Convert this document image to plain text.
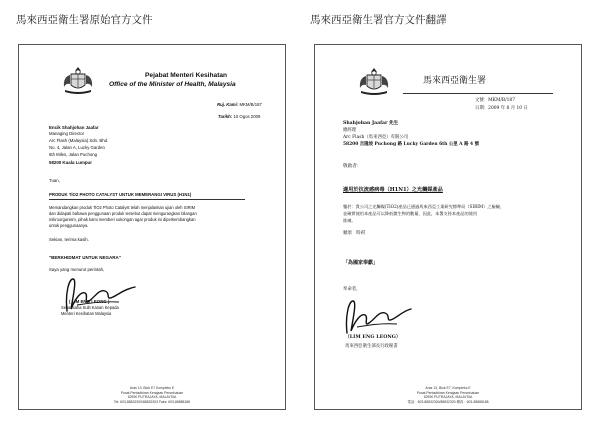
馬來西亞衛生署原始官方文件	馬來西亞衛生署官方文件翻譯
Pejabat Menteri Kesihatan
Office of the Minister of Health, Malaysia
Ruj. Kami: MKM/B/187
Tarikh: 10 Ogos 2009
Encik Shahjohan Jaafar
Managing Director
Arc Flash (Malaysia) Sdn. Bhd.
No. 4, Jalan A, Lucky Garden
6th Miles, Jalan Puchong
58200 Kuala Lumpur
Tuan,
PRODUK TiO2 PHOTO CATALYST UNTUK MEMERANGI VIRUS (H1N1)
Memandangkan produk TiO2 Photo Catalyst telah menjalankan ujian oleh SIRIM
dan didapati bahawa penggunaan produk tersebut dapat mengurangkan bilangan
mikroorganism, pihak kami memberi sokongan agar produk ini diperkembangkan
untuk penggunaanya.
Sekian, terima kasih.
"BERKHIDMAT UNTUK NEGARA"
Saya yang menurut perintah,
( LIM ENG LEONG )
Setiausaha Sulit Kanan Kepada
Menteri Kesihatan Malaysia
Aras 13, Blok E7 Kompleks E
Pusat Pentadbiran Kerajaan Persekutuan
62590 PUTRAJAYA, MALAYSIA
Tel: 603-88832300/88832303 Faks: 603-88888188
馬來西亞衛生署
文號：MKM/B/187
日期：2009 年 8 月 10 日
Shahjohan Jaafar 先生
總經理
Arc Flash（馬來西亞）有限公司
58200 吉隆坡 Puchong 路 Lucky Garden 6th 公里 A 路 4 號
敬啟者：
適用於抗流感病毒（H1N1）之光觸媒產品
鑒於：貴公司之光觸媒(TiO2)產品已通過馬來西亞工業研究標準局（SIRIM）之檢驗，
並確實使用本產品可以降低微生物的數量，因此，本署支持本產品的使用
推廣。
順頌　時祺
「為國家奉獻」
奉命者，
（LIM ENG LEONG）
馬來西亞衛生部長行政秘書
Aras 13, Blok E7, Kompleks E
Pusat Pentadbiran Kerajaan Persekutuan
62590 PUTRAJAYA, MALAYSIA
電話：603-88832300/88832303 傳真：603-88888188
